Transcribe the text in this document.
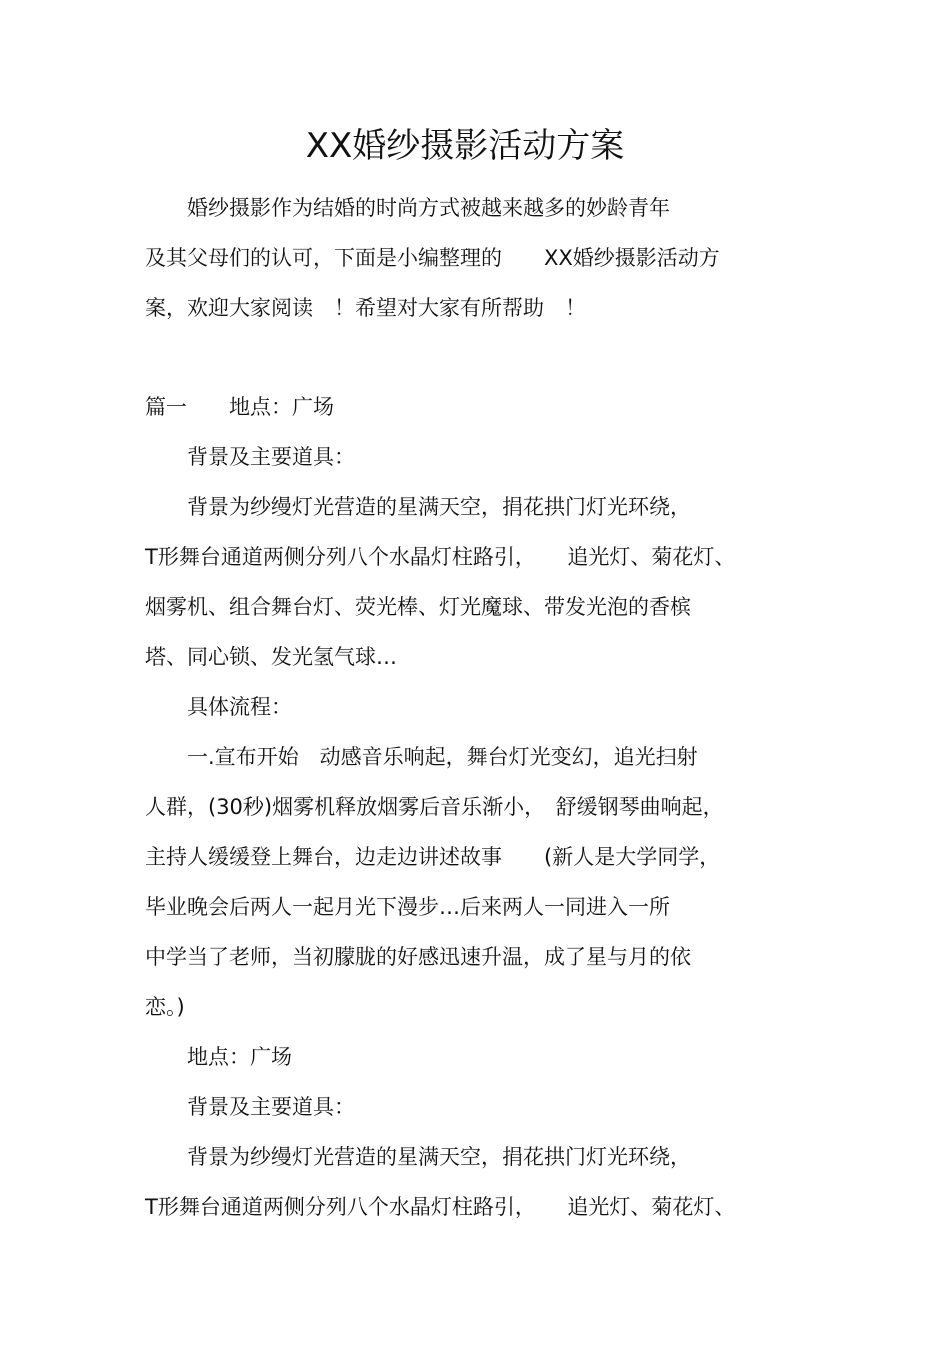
XX婚纱摄影活动方案
　　婚纱摄影作为结婚的时尚方式被越来越多的妙龄青年
及其父母们的认可，下面是小编整理的　　XX婚纱摄影活动方
案，欢迎大家阅读　！希望对大家有所帮助　！
篇一　　地点：广场
　　背景及主要道具：
　　背景为纱缦灯光营造的星满天空，捐花拱门灯光环绕，
T形舞台通道两侧分列八个水晶灯柱路引，　　追光灯、菊花灯、
烟雾机、组合舞台灯、荧光棒、灯光魔球、带发光泡的香槟
塔、同心锁、发光氢气球…
　　具体流程：
　　一.宣布开始　动感音乐响起，舞台灯光变幻，追光扫射
人群，(30秒)烟雾机释放烟雾后音乐渐小，　舒缓钢琴曲响起，
主持人缓缓登上舞台，边走边讲述故事　　(新人是大学同学，
毕业晚会后两人一起月光下漫步…后来两人一同进入一所
中学当了老师，当初朦胧的好感迅速升温，成了星与月的依
恋。)
　　地点：广场
　　背景及主要道具：
　　背景为纱缦灯光营造的星满天空，捐花拱门灯光环绕，
T形舞台通道两侧分列八个水晶灯柱路引，　　追光灯、菊花灯、
